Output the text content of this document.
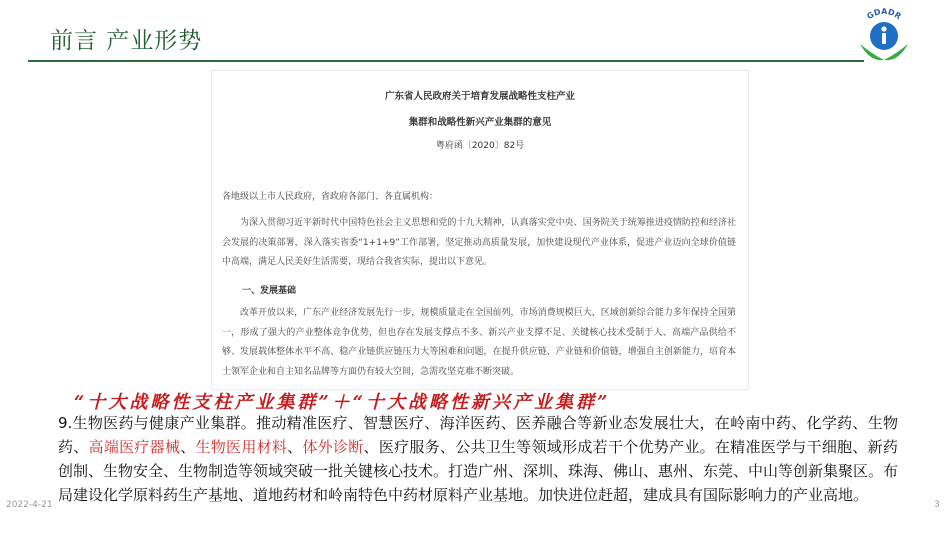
前言 产业形势
GDADR
广东省人民政府关于培育发展战略性支柱产业
集群和战略性新兴产业集群的意见
粤府函〔2020〕82号
各地级以上市人民政府，省政府各部门、各直属机构：
为深入贯彻习近平新时代中国特色社会主义思想和党的十九大精神，认真落实党中央、国务院关于统筹推进疫情防控和经济社会发展的决策部署，深入落实省委“1+1+9”工作部署，坚定推动高质量发展，加快建设现代产业体系，促进产业迈向全球价值链中高端，满足人民美好生活需要，现结合我省实际，提出以下意见。
一、发展基础
改革开放以来，广东产业经济发展先行一步，规模质量走在全国前列，市场消费规模巨大，区域创新综合能力多年保持全国第一，形成了强大的产业整体竞争优势，但也存在发展支撑点不多、新兴产业支撑不足、关键核心技术受制于人、高端产品供给不够、发展载体整体水平不高、稳产业链供应链压力大等困难和问题，在提升供应链、产业链和价值链，增强自主创新能力，培育本土领军企业和自主知名品牌等方面仍有较大空间，急需攻坚克难不断突破。
“十大战略性支柱产业集群”＋“十大战略性新兴产业集群”
9.生物医药与健康产业集群。推动精准医疗、智慧医疗、海洋医药、医养融合等新业态发展壮大，在岭南中药、化学药、生物药、高端医疗器械、生物医用材料、体外诊断、医疗服务、公共卫生等领域形成若干个优势产业。在精准医学与干细胞、新药创制、生物安全、生物制造等领域突破一批关键核心技术。打造广州、深圳、珠海、佛山、惠州、东莞、中山等创新集聚区。布局建设化学原料药生产基地、道地药材和岭南特色中药材原料产业基地。加快进位赶超，建成具有国际影响力的产业高地。
2022-4-21	3
